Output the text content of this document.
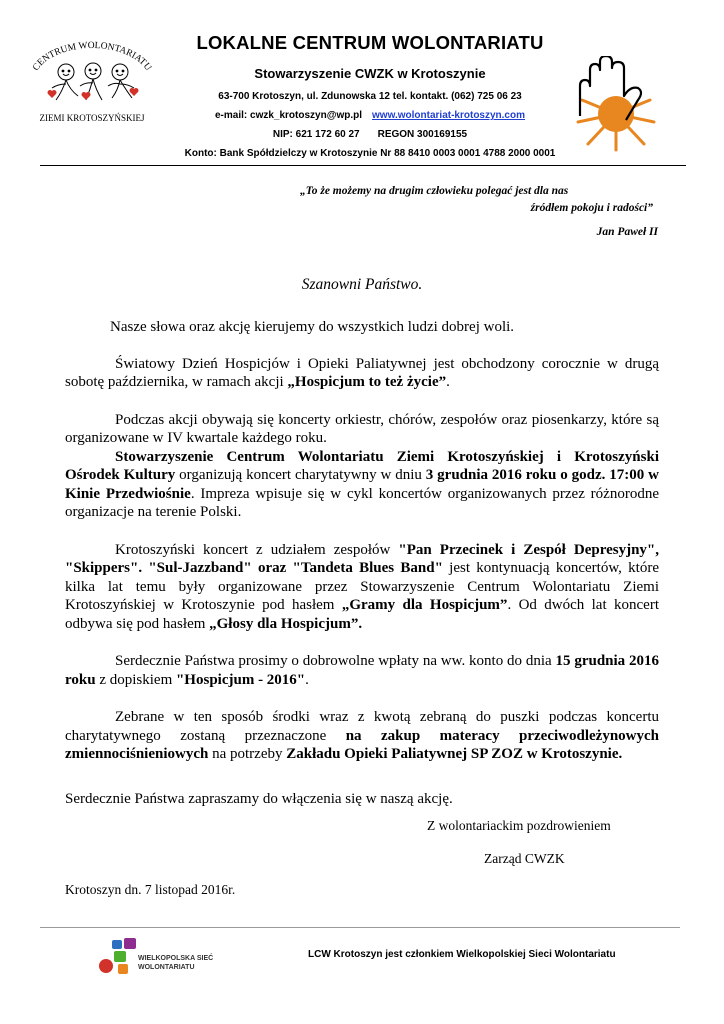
CENTRUM WOLONTARIATU
ZIEMI KROTOSZYŃSKIEJ
LOKALNE CENTRUM WOLONTARIATU
Stowarzyszenie CWZK w Krotoszynie
63-700 Krotoszyn, ul. Zdunowska 12 tel. kontakt. (062) 725 06 23
e-mail: cwzk_krotoszyn@wp.pl www.wolontariat-krotoszyn.com
NIP: 621 172 60 27 REGON 300169155
Konto: Bank Spółdzielczy w Krotoszynie Nr 88 8410 0003 0001 4788 2000 0001
„To że możemy na drugim człowieku polegać jest dla nas
źródłem pokoju i radości”
Jan Paweł II
Szanowni Państwo.

Nasze słowa oraz akcję kierujemy do wszystkich ludzi dobrej woli.

Światowy Dzień Hospicjów i Opieki Paliatywnej jest obchodzony corocznie w drugą sobotę października, w ramach akcji „Hospicjum to też życie”.

Podczas akcji obywają się koncerty orkiestr, chórów, zespołów oraz piosenkarzy, które są organizowane w IV kwartale każdego roku.

Stowarzyszenie Centrum Wolontariatu Ziemi Krotoszyńskiej i Krotoszyński Ośrodek Kultury organizują koncert charytatywny w dniu 3 grudnia 2016 roku o godz. 17:00 w Kinie Przedwiośnie. Impreza wpisuje się w cykl koncertów organizowanych przez różnorodne organizacje na terenie Polski.

Krotoszyński koncert z udziałem zespołów "Pan Przecinek i Zespół Depresyjny", "Skippers". "Sul-Jazzband" oraz "Tandeta Blues Band" jest kontynuacją koncertów, które kilka lat temu były organizowane przez Stowarzyszenie Centrum Wolontariatu Ziemi Krotoszyńskiej w Krotoszynie pod hasłem „Gramy dla Hospicjum”. Od dwóch lat koncert odbywa się pod hasłem „Głosy dla Hospicjum”.

Serdecznie Państwa prosimy o dobrowolne wpłaty na ww. konto do dnia 15 grudnia 2016 roku z dopiskiem "Hospicjum - 2016".

Zebrane w ten sposób środki wraz z kwotą zebraną do puszki podczas koncertu charytatywnego zostaną przeznaczone na zakup materacy przeciwodleżynowych zmiennociśnieniowych na potrzeby Zakładu Opieki Paliatywnej SP ZOZ w Krotoszynie.

Serdecznie Państwa zapraszamy do włączenia się w naszą akcję.

Z wolontariackim pozdrowieniem
Zarząd CWZK
Krotoszyn dn. 7 listopad 2016r.
WIELKOPOLSKA SIEĆ
WOLONTARIATU
LCW Krotoszyn jest członkiem Wielkopolskiej Sieci Wolontariatu
